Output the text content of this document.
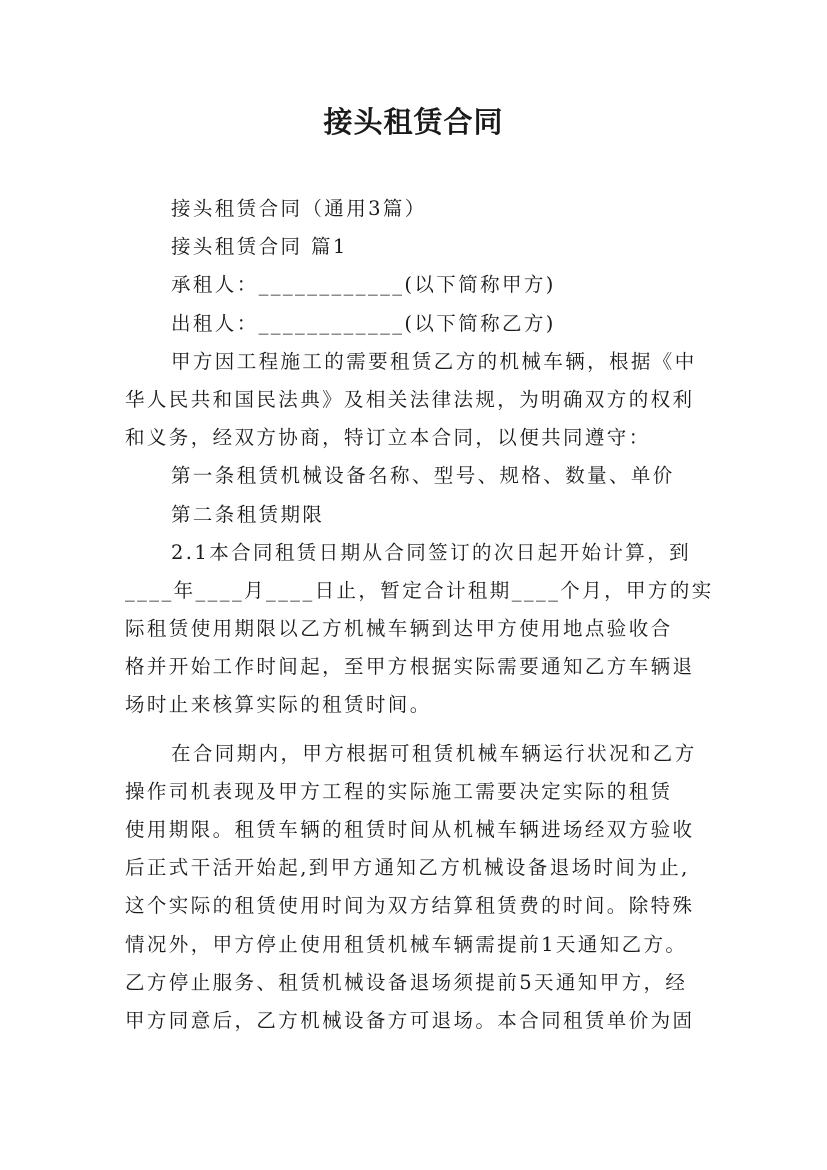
接头租赁合同
接头租赁合同（通用3篇）
接头租赁合同 篇1
承租人：____________(以下简称甲方)
出租人：____________(以下简称乙方)
甲方因工程施工的需要租赁乙方的机械车辆，根据《中
华人民共和国民法典》及相关法律法规，为明确双方的权利
和义务，经双方协商，特订立本合同，以便共同遵守：
第一条租赁机械设备名称、型号、规格、数量、单价
第二条租赁期限
2.1本合同租赁日期从合同签订的次日起开始计算，到
____年____月____日止，暂定合计租期____个月，甲方的实
际租赁使用期限以乙方机械车辆到达甲方使用地点验收合
格并开始工作时间起，至甲方根据实际需要通知乙方车辆退
场时止来核算实际的租赁时间。
在合同期内，甲方根据可租赁机械车辆运行状况和乙方
操作司机表现及甲方工程的实际施工需要决定实际的租赁
使用期限。租赁车辆的租赁时间从机械车辆进场经双方验收
后正式干活开始起,到甲方通知乙方机械设备退场时间为止,
这个实际的租赁使用时间为双方结算租赁费的时间。除特殊
情况外，甲方停止使用租赁机械车辆需提前1天通知乙方。
乙方停止服务、租赁机械设备退场须提前5天通知甲方，经
甲方同意后，乙方机械设备方可退场。本合同租赁单价为固
